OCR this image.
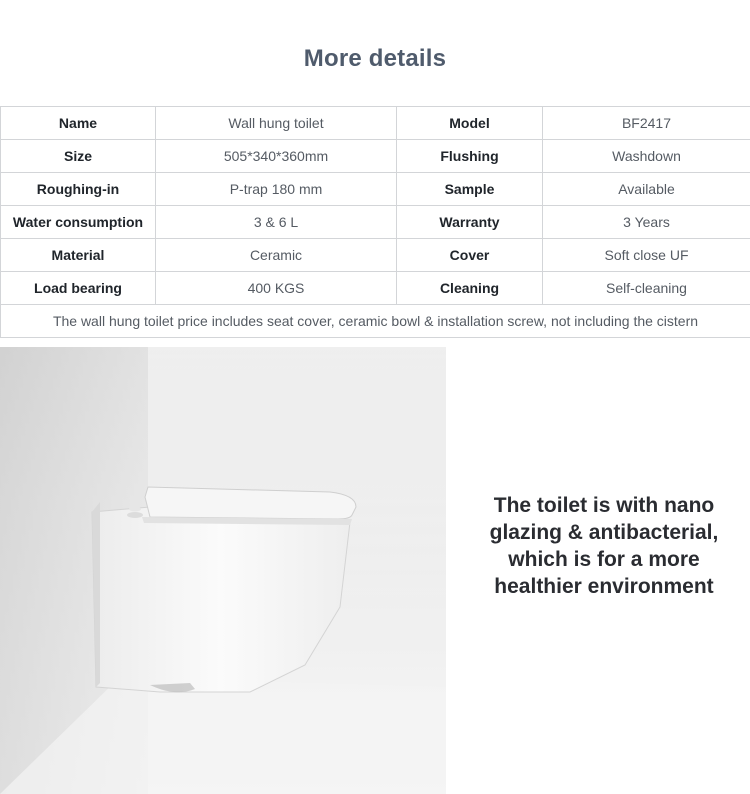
More details
Name	Wall hung toilet	Model	BF2417
Size	505*340*360mm	Flushing	Washdown
Roughing-in	P-trap 180 mm	Sample	Available
Water consumption	3 & 6 L	Warranty	3 Years
Material	Ceramic	Cover	Soft close UF
Load bearing	400 KGS	Cleaning	Self-cleaning
The wall hung toilet price includes seat cover, ceramic bowl & installation screw, not including the cistern			
The toilet is with nano
glazing & antibacterial,
which is for a more
healthier environment
